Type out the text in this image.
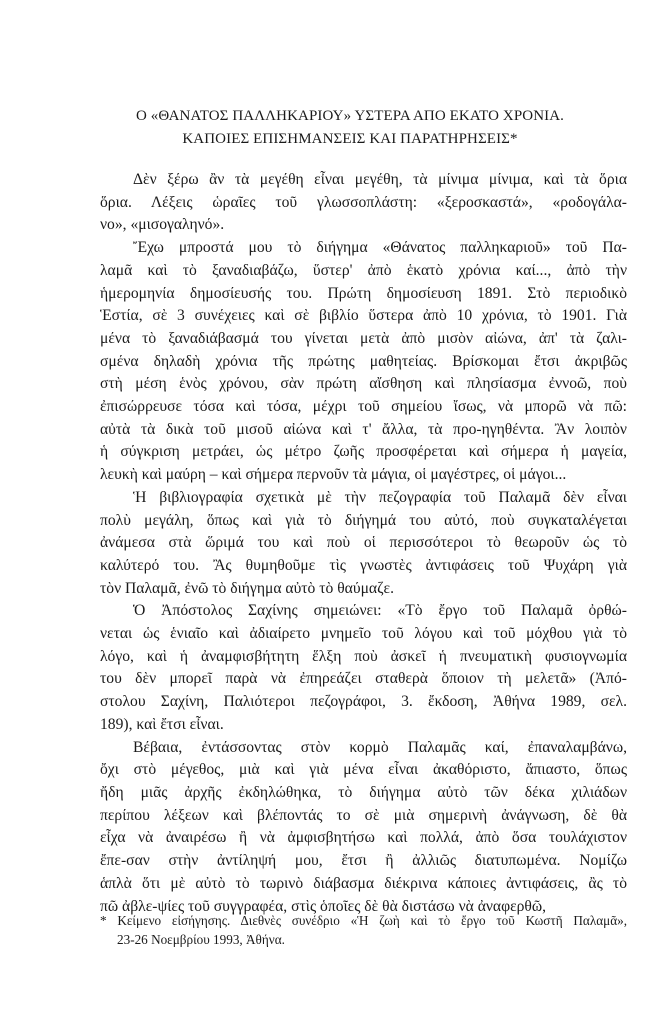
Ο «ΘΑΝΑΤΟΣ ΠΑΛΛΗΚΑΡΙΟΥ» ΥΣΤΕΡΑ ΑΠΟ ΕΚΑΤΟ ΧΡΟΝΙΑ.
ΚΑΠΟΙΕΣ ΕΠΙΣΗΜΑΝΣΕΙΣ ΚΑΙ ΠΑΡΑΤΗΡΗΣΕΙΣ*

Δὲν ξέρω ἂν τὰ μεγέθη εἶναι μεγέθη, τὰ μίνιμα μίνιμα, καὶ τὰ ὅρια
ὅρια. Λέξεις ὡραῖες τοῦ γλωσσοπλάστη: «ξεροσκαστά», «ροδογάλα-
νο», «μισογαληνό».

Ἔχω μπροστά μου τὸ διήγημα «Θάνατος παλληκαριοῦ» τοῦ Πα-
λαμᾶ καὶ τὸ ξαναδιαβάζω, ὕστερ' ἀπὸ ἑκατὸ χρόνια καί..., ἀπὸ τὴν
ἡμερομηνία δημοσίευσής του. Πρώτη δημοσίευση 1891. Στὸ περιοδικὸ
Ἑστία, σὲ 3 συνέχειες καὶ σὲ βιβλίο ὕστερα ἀπὸ 10 χρόνια, τὸ 1901. Γιὰ
μένα τὸ ξαναδιάβασμά του γίνεται μετὰ ἀπὸ μισὸν αἰώνα, ἀπ' τὰ ζαλι-
σμένα δηλαδὴ χρόνια τῆς πρώτης μαθητείας. Βρίσκομαι ἔτσι ἀκριβῶς
στὴ μέση ἑνὸς χρόνου, σὰν πρώτη αἴσθηση καὶ πλησίασμα ἐννοῶ, ποὺ
ἐπισώρρευσε τόσα καὶ τόσα, μέχρι τοῦ σημείου ἴσως, νὰ μπορῶ νὰ πῶ:
αὐτὰ τὰ δικὰ τοῦ μισοῦ αἰώνα καὶ τ' ἄλλα, τὰ προ-ηγηθέντα. Ἂν λοιπὸν
ἡ σύγκριση μετράει, ὡς μέτρο ζωῆς προσφέρεται καὶ σήμερα ἡ μαγεία,
λευκὴ καὶ μαύρη – καὶ σήμερα περνοῦν τὰ μάγια, οἱ μαγέστρες, οἱ μάγοι...

Ἡ βιβλιογραφία σχετικὰ μὲ τὴν πεζογραφία τοῦ Παλαμᾶ δὲν εἶναι
πολὺ μεγάλη, ὅπως καὶ γιὰ τὸ διήγημά του αὐτό, ποὺ συγκαταλέγεται
ἀνάμεσα στὰ ὥριμά του καὶ ποὺ οἱ περισσότεροι τὸ θεωροῦν ὡς τὸ
καλύτερό του. Ἂς θυμηθοῦμε τὶς γνωστὲς ἀντιφάσεις τοῦ Ψυχάρη γιὰ
τὸν Παλαμᾶ, ἐνῶ τὸ διήγημα αὐτὸ τὸ θαύμαζε.

Ὁ Ἀπόστολος Σαχίνης σημειώνει: «Τὸ ἔργο τοῦ Παλαμᾶ ὀρθώ-
νεται ὡς ἑνιαῖο καὶ ἀδιαίρετο μνημεῖο τοῦ λόγου καὶ τοῦ μόχθου γιὰ τὸ
λόγο, καὶ ἡ ἀναμφισβήτητη ἕλξη ποὺ ἀσκεῖ ἡ πνευματικὴ φυσιογνωμία
του δὲν μπορεῖ παρὰ νὰ ἐπηρεάζει σταθερὰ ὅποιον τὴ μελετᾶ» (Ἀπό-
στολου Σαχίνη, Παλιότεροι πεζογράφοι, 3. ἔκδοση, Ἀθήνα 1989, σελ.
189), καὶ ἔτσι εἶναι.

Βέβαια, ἐντάσσοντας στὸν κορμὸ Παλαμᾶς καί, ἐπαναλαμβάνω,
ὄχι στὸ μέγεθος, μιὰ καὶ γιὰ μένα εἶναι ἀκαθόριστο, ἄπιαστο, ὅπως
ἤδη μιᾶς ἀρχῆς ἐκδηλώθηκα, τὸ διήγημα αὐτὸ τῶν δέκα χιλιάδων
περίπου λέξεων καὶ βλέποντάς το σὲ μιὰ σημερινὴ ἀνάγνωση, δὲ θὰ
εἶχα νὰ ἀναιρέσω ἢ νὰ ἀμφισβητήσω καὶ πολλά, ἀπὸ ὅσα τουλάχιστον
ἔπε-σαν στὴν ἀντίληψή μου, ἔτσι ἢ ἀλλιῶς διατυπωμένα. Νομίζω
ἁπλὰ ὅτι μὲ αὐτὸ τὸ τωρινὸ διάβασμα διέκρινα κάποιες ἀντιφάσεις, ἂς τὸ
πῶ ἀβλε-ψίες τοῦ συγγραφέα, στὶς ὁποῖες δὲ θὰ διστάσω νὰ ἀναφερθῶ,

* Κείμενο εἰσήγησης. Διεθνὲς συνέδριο «Ἡ ζωὴ καὶ τὸ ἔργο τοῦ Κωστῆ Παλαμᾶ»,
23-26 Νοεμβρίου 1993, Ἀθήνα.
